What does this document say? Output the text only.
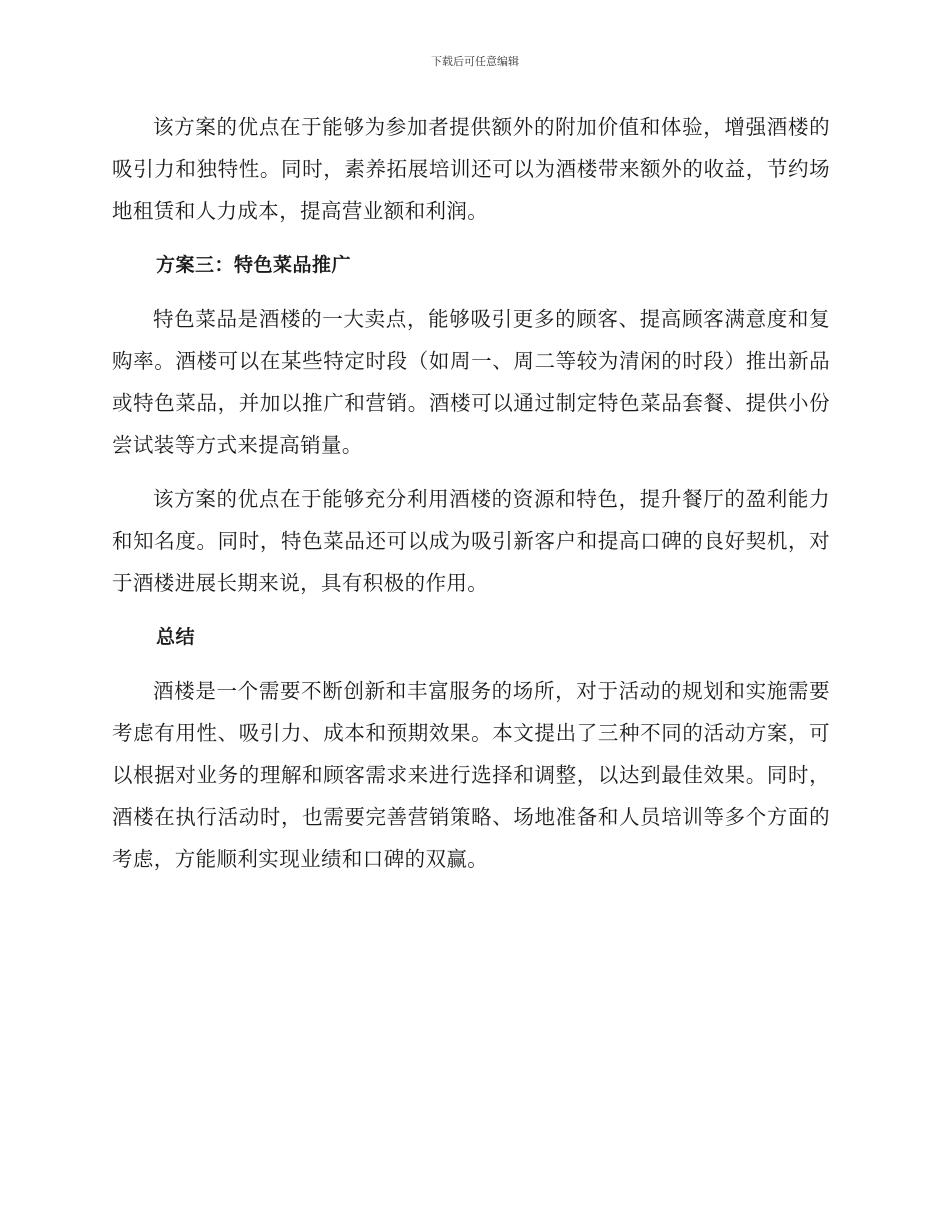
下载后可任意编辑

该方案的优点在于能够为参加者提供额外的附加价值和体验，增强酒楼的吸引力和独特性。同时，素养拓展培训还可以为酒楼带来额外的收益，节约场地租赁和人力成本，提高营业额和利润。

方案三：特色菜品推广

特色菜品是酒楼的一大卖点，能够吸引更多的顾客、提高顾客满意度和复购率。酒楼可以在某些特定时段（如周一、周二等较为清闲的时段）推出新品或特色菜品，并加以推广和营销。酒楼可以通过制定特色菜品套餐、提供小份尝试装等方式来提高销量。

该方案的优点在于能够充分利用酒楼的资源和特色，提升餐厅的盈利能力和知名度。同时，特色菜品还可以成为吸引新客户和提高口碑的良好契机，对于酒楼进展长期来说，具有积极的作用。

总结

酒楼是一个需要不断创新和丰富服务的场所，对于活动的规划和实施需要考虑有用性、吸引力、成本和预期效果。本文提出了三种不同的活动方案，可以根据对业务的理解和顾客需求来进行选择和调整，以达到最佳效果。同时，酒楼在执行活动时，也需要完善营销策略、场地准备和人员培训等多个方面的考虑，方能顺利实现业绩和口碑的双赢。
